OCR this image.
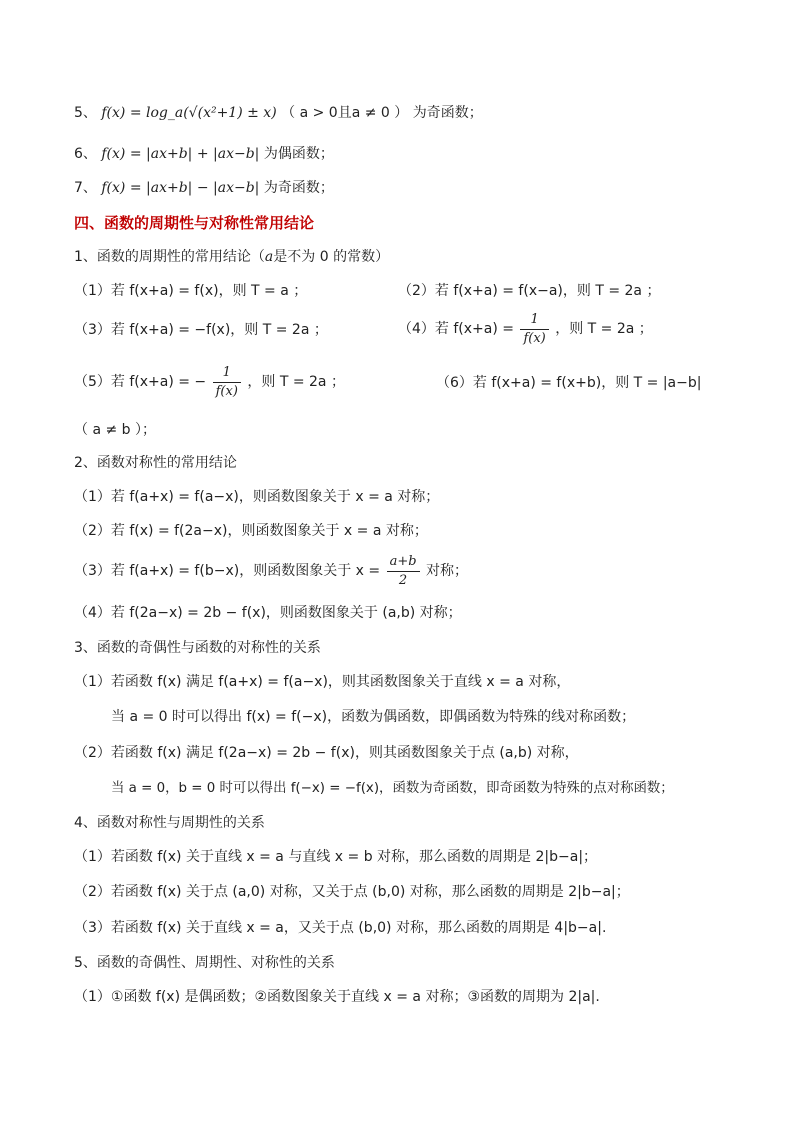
5、 f(x) = log_a(√(x²+1) ± x) （ a > 0且a ≠ 0 ） 为奇函数；
6、 f(x) = |ax+b| + |ax−b| 为偶函数；
7、 f(x) = |ax+b| − |ax−b| 为奇函数；
四、函数的周期性与对称性常用结论
1、函数的周期性的常用结论（a是不为 0 的常数）
（1）若 f(x+a) = f(x)，则 T = a ；	（2）若 f(x+a) = f(x−a)，则 T = 2a ；
（3）若 f(x+a) = −f(x)，则 T = 2a ；	（4）若 $f(x+a) = \frac{1}{f(x)}$ ，则 T = 2a ；
（5）若 f(x+a) = − $\frac{1}{f(x)}$ ，则 T = 2a ；	（6）若 f(x+a) = f(x+b)，则 T = |a−b|
（ a ≠ b ）；
2、函数对称性的常用结论
（1）若 f(a+x) = f(a−x)，则函数图象关于 x = a 对称；
（2）若 f(x) = f(2a−x)，则函数图象关于 x = a 对称；
（3）若 f(a+x) = f(b−x)，则函数图象关于 $x = \frac{a+b}{2}$ 对称；
（4）若 f(2a−x) = 2b − f(x)，则函数图象关于 (a,b) 对称；
3、函数的奇偶性与函数的对称性的关系
（1）若函数 f(x) 满足 f(a+x) = f(a−x)，则其函数图象关于直线 x = a 对称，
当 a = 0 时可以得出 f(x) = f(−x)，函数为偶函数，即偶函数为特殊的线对称函数；
（2）若函数 f(x) 满足 f(2a−x) = 2b − f(x)，则其函数图象关于点 (a,b) 对称，
当 a = 0，b = 0 时可以得出 f(−x) = −f(x)，函数为奇函数，即奇函数为特殊的点对称函数；
4、函数对称性与周期性的关系
（1）若函数 f(x) 关于直线 x = a 与直线 x = b 对称，那么函数的周期是 2|b−a|；
（2）若函数 f(x) 关于点 (a,0) 对称，又关于点 (b,0) 对称，那么函数的周期是 2|b−a|；
（3）若函数 f(x) 关于直线 x = a，又关于点 (b,0) 对称，那么函数的周期是 4|b−a|.
5、函数的奇偶性、周期性、对称性的关系
（1）①函数 f(x) 是偶函数；②函数图象关于直线 x = a 对称；③函数的周期为 2|a|.
